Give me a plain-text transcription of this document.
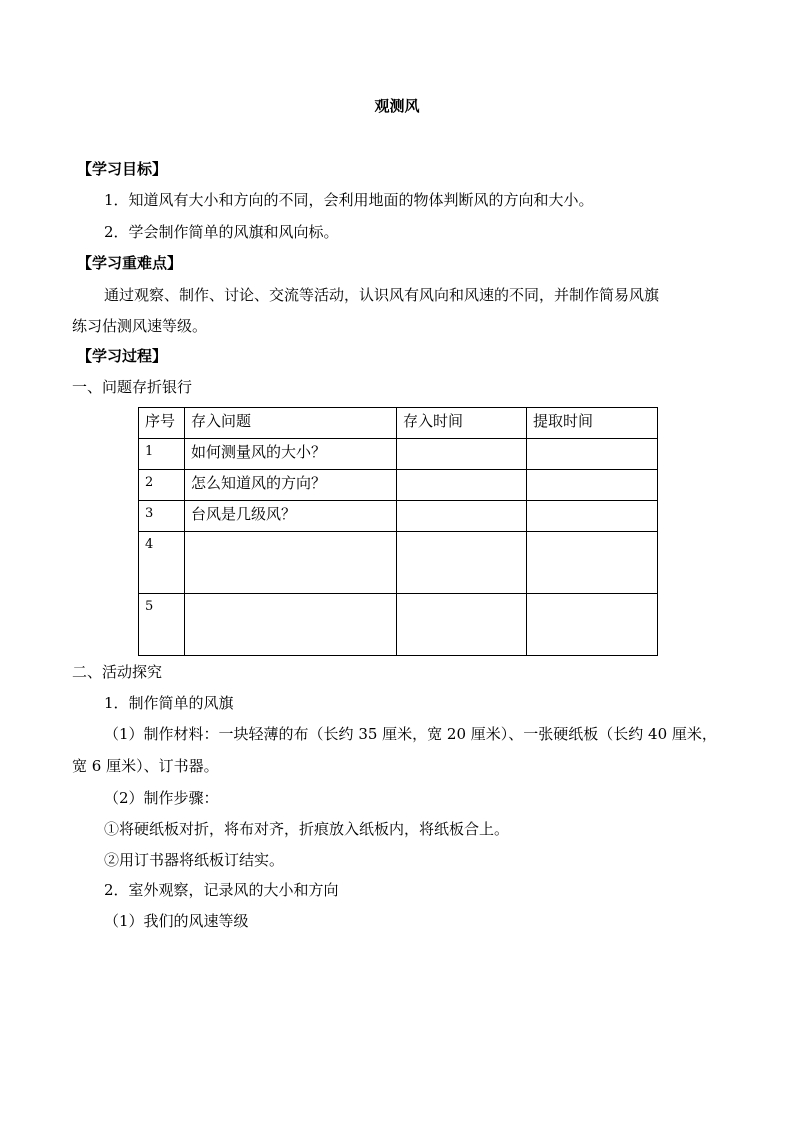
观测风
【学习目标】
1．知道风有大小和方向的不同，会利用地面的物体判断风的方向和大小。
2．学会制作简单的风旗和风向标。
【学习重难点】
通过观察、制作、讨论、交流等活动，认识风有风向和风速的不同，并制作简易风旗
练习估测风速等级。
【学习过程】
一、问题存折银行
序号	存入问题	存入时间	提取时间
1	如何测量风的大小？		
2	怎么知道风的方向？		
3	台风是几级风？		
4			
5			
二、活动探究
1．制作简单的风旗
（1）制作材料：一块轻薄的布（长约 35 厘米，宽 20 厘米）、一张硬纸板（长约 40 厘米，
宽 6 厘米）、订书器。
（2）制作步骤：
①将硬纸板对折，将布对齐，折痕放入纸板内，将纸板合上。
②用订书器将纸板订结实。
2．室外观察，记录风的大小和方向
（1）我们的风速等级
